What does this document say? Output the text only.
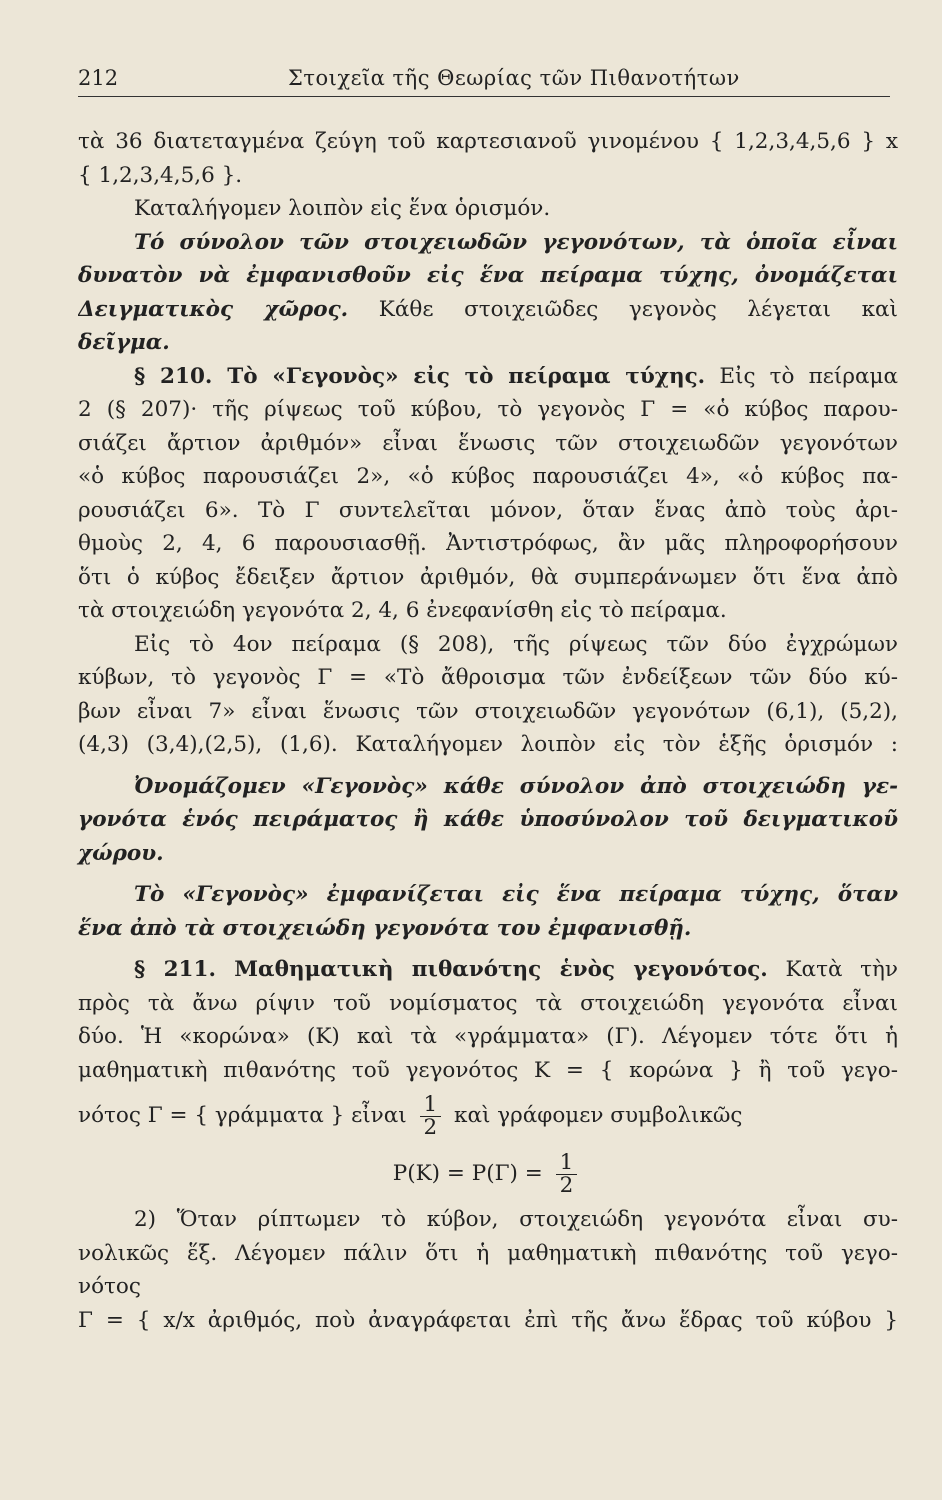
212	Στοιχεῖα τῆς Θεωρίας τῶν Πιθανοτήτων
τὰ 36 διατεταγμένα ζεύγη τοῦ καρτεσιανοῦ γινομένου { 1,2,3,4,5,6 } x
{ 1,2,3,4,5,6 }.
Καταλήγομεν λοιπὸν εἰς ἕνα ὁρισμόν.
Τό σύνολον τῶν στοιχειωδῶν γεγονότων, τὰ ὁποῖα εἶναι
δυνατὸν νὰ ἐμφανισθοῦν εἰς ἕνα πείραμα τύχης, ὀνομάζεται
Δειγματικὸς χῶρος. Κάθε στοιχειῶδες γεγονὸς λέγεται καὶ
δεῖγμα.
§ 210. Τὸ «Γεγονὸς» εἰς τὸ πείραμα τύχης. Εἰς τὸ πείραμα
2 (§ 207)· τῆς ρίψεως τοῦ κύβου, τὸ γεγονὸς Γ = «ὁ κύβος παρου-
σιάζει ἄρτιον ἀριθμόν» εἶναι ἕνωσις τῶν στοιχειωδῶν γεγονότων
«ὁ κύβος παρουσιάζει 2», «ὁ κύβος παρουσιάζει 4», «ὁ κύβος πα-
ρουσιάζει 6». Τὸ Γ συντελεῖται μόνον, ὅταν ἕνας ἀπὸ τοὺς ἀρι-
θμοὺς 2, 4, 6 παρουσιασθῇ. Ἀντιστρόφως, ἂν μᾶς πληροφορήσουν
ὅτι ὁ κύβος ἔδειξεν ἄρτιον ἀριθμόν, θὰ συμπεράνωμεν ὅτι ἕνα ἀπὸ
τὰ στοιχειώδη γεγονότα 2, 4, 6 ἐνεφανίσθη εἰς τὸ πείραμα.
Εἰς τὸ 4ον πείραμα (§ 208), τῆς ρίψεως τῶν δύο ἐγχρώμων
κύβων, τὸ γεγονὸς Γ = «Τὸ ἄθροισμα τῶν ἐνδείξεων τῶν δύο κύ-
βων εἶναι 7» εἶναι ἕνωσις τῶν στοιχειωδῶν γεγονότων (6,1), (5,2),
(4,3) (3,4),(2,5), (1,6). Καταλήγομεν λοιπὸν εἰς τὸν ἑξῆς ὁρισμόν :
Ὀνομάζομεν «Γεγονὸς» κάθε σύνολον ἀπὸ στοιχειώδη γε-
γονότα ἑνός πειράματος ἢ κάθε ὑποσύνολον τοῦ δειγματικοῦ
χώρου.
Τὸ «Γεγονὸς» ἐμφανίζεται εἰς ἕνα πείραμα τύχης, ὅταν
ἕνα ἀπὸ τὰ στοιχειώδη γεγονότα του ἐμφανισθῇ.
§ 211. Μαθηματικὴ πιθανότης ἑνὸς γεγονότος. Κατὰ τὴν
πρὸς τὰ ἄνω ρίψιν τοῦ νομίσματος τὰ στοιχειώδη γεγονότα εἶναι
δύο. Ἡ «κορώνα» (Κ) καὶ τὰ «γράμματα» (Γ). Λέγομεν τότε ὅτι ἡ
μαθηματικὴ πιθανότης τοῦ γεγονότος Κ = { κορώνα } ἢ τοῦ γεγο-
νότος Γ = { γράμματα } εἶναι $\frac{1}{2}$ καὶ γράφομεν συμβολικῶς
$P(K) = P(\Gamma) = \frac{1}{2}$
2) Ὅταν ρίπτωμεν τὸ κύβον, στοιχειώδη γεγονότα εἶναι συ-
νολικῶς ἕξ. Λέγομεν πάλιν ὅτι ἡ μαθηματικὴ πιθανότης τοῦ γεγο-
νότος
Γ = { x/x ἀριθμός, ποὺ ἀναγράφεται ἐπὶ τῆς ἄνω ἕδρας τοῦ κύβου }
